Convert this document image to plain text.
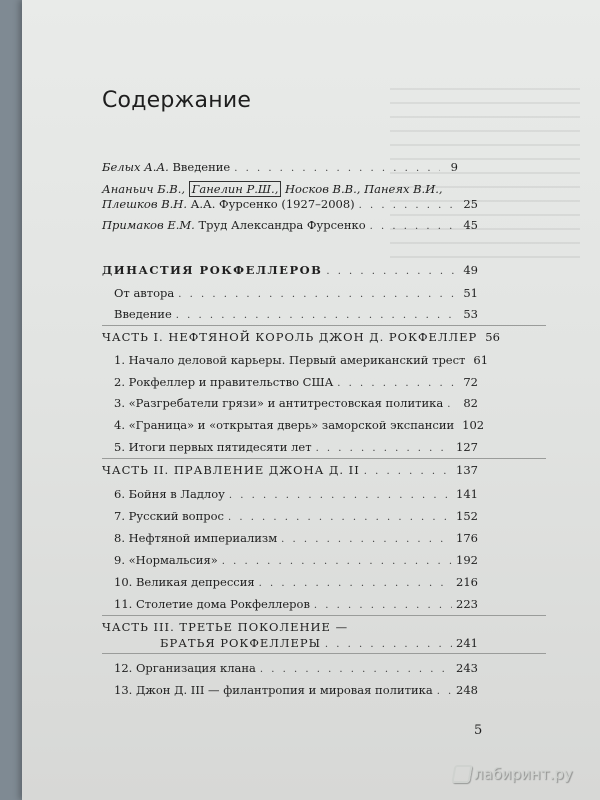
Содержание
Белых А.А. Введение . . .	9
Ананьич Б.В., Ганелин Р.Ш., Носков В.В., Панеях В.И.,
Плешков В.Н. А.А. Фурсенко (1927–2008) . . .	25
Примаков Е.М. Труд Александра Фурсенко . . .	45
ДИНАСТИЯ РОКФЕЛЛЕРОВ . . .	49
От автора . . .	51
Введение . . .	53
ЧАСТЬ I. НЕФТЯНОЙ КОРОЛЬ ДЖОН Д. РОКФЕЛЛЕР 56
1. Начало деловой карьеры. Первый американский трест 61
2. Рокфеллер и правительство США . . .	72
3. «Разгребатели грязи» и антитрестовская политика . . . 82
4. «Граница» и «открытая дверь» заморской экспансии 102
5. Итоги первых пятидесяти лет . . .	127
ЧАСТЬ II. ПРАВЛЕНИЕ ДЖОНА Д. II . . .	137
6. Бойня в Ладлоу . . .	141
7. Русский вопрос . . .	152
8. Нефтяной империализм . . .	176
9. «Нормальсия» . . .	192
10. Великая депрессия . . .	216
11. Столетие дома Рокфеллеров . . .	223
ЧАСТЬ III. ТРЕТЬЕ ПОКОЛЕНИЕ —
БРАТЬЯ РОКФЕЛЛЕРЫ . . .	241
12. Организация клана . . .	243
13. Джон Д. III — филантропия и мировая политика . . . 248
5
лабиринт.ру
